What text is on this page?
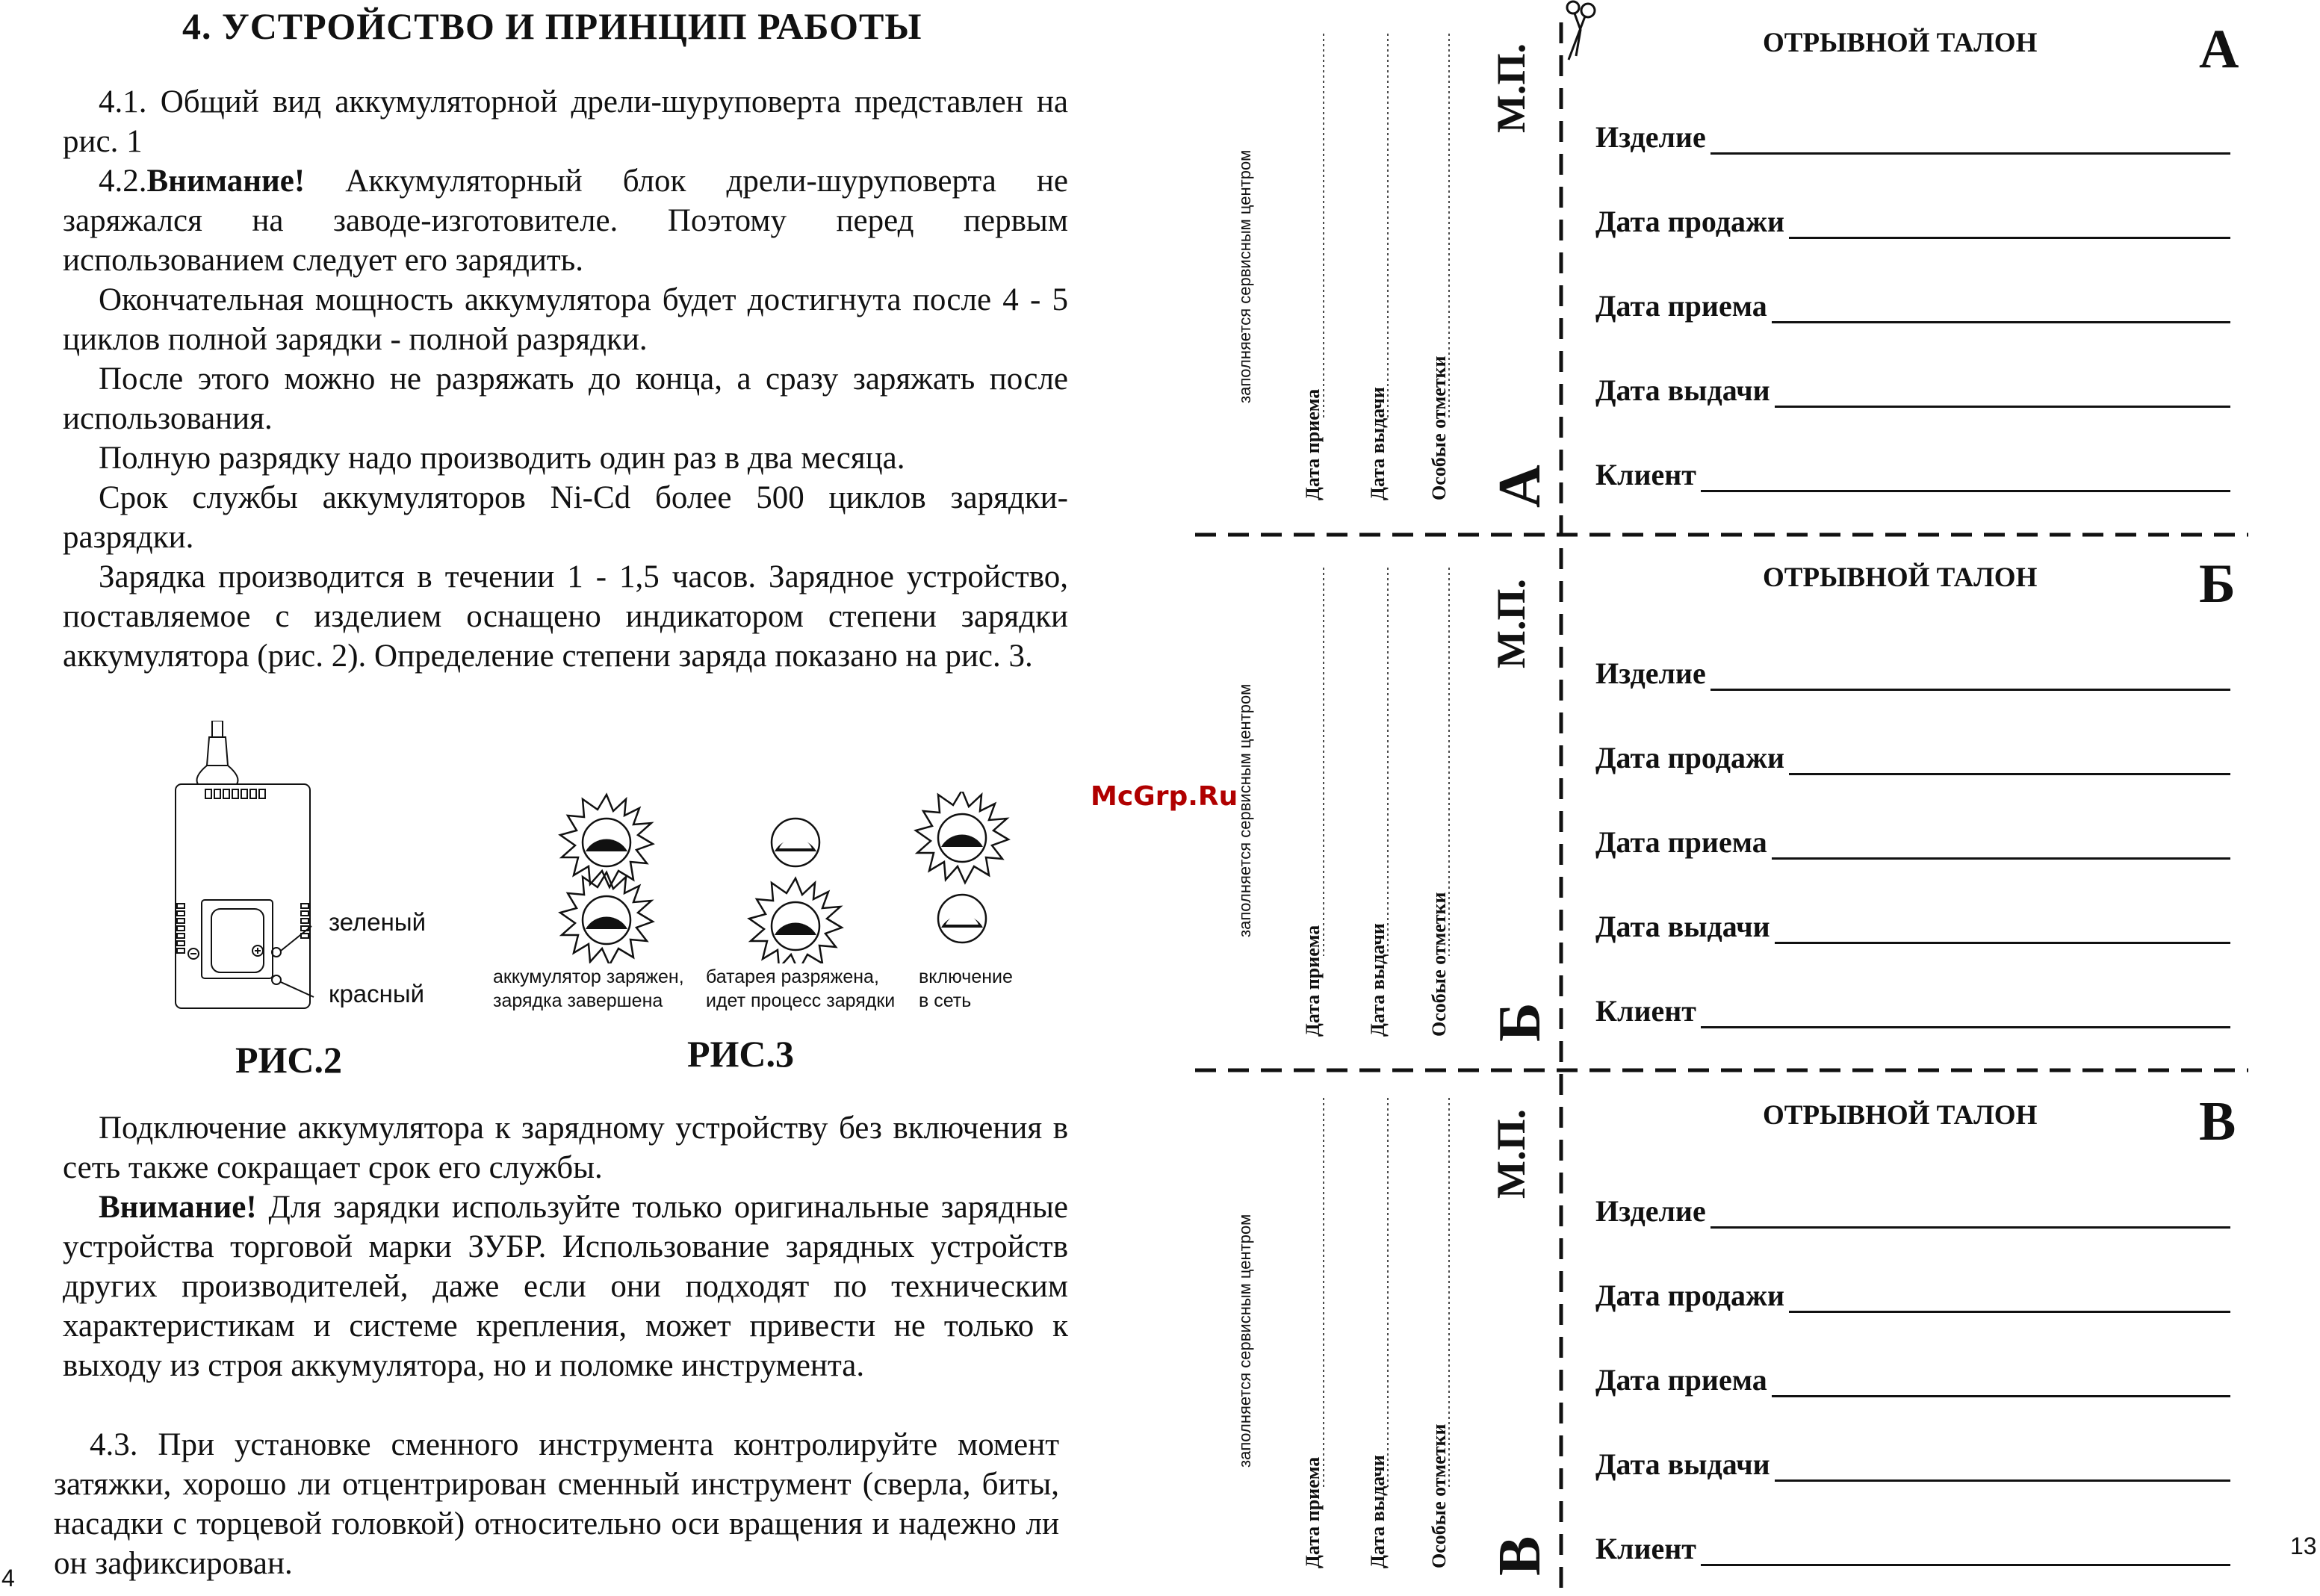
4. УСТРОЙСТВО И ПРИНЦИП РАБОТЫ
4.1. Общий вид аккумуляторной дрели-шуруповерта представлен на рис. 1
4.2.Внимание! Аккумуляторный блок дрели-шуруповерта не заряжался на заводе-изготовителе. Поэтому перед первым использованием следует его зарядить.
Окончательная мощность аккумулятора будет достигнута после 4 - 5 циклов полной зарядки - полной разрядки.
После этого можно не разряжать до конца, а сразу заряжать после использования.
Полную разрядку надо производить один раз в два месяца.
Срок службы аккумуляторов Ni-Cd более 500 циклов зарядки-разрядки.
Зарядка производится в течении 1 - 1,5 часов. Зарядное устройство, поставляемое с изделием оснащено индикатором степени зарядки аккумулятора (рис. 2). Определение степени заряда показано на рис. 3.
зеленый
красный
РИС.2
аккумулятор заряжен,
зарядка завершена
батарея разряжена,
идет процесс зарядки
включение
в сеть
РИС.3
Подключение аккумулятора к зарядному устройству без включения в сеть также сокращает срок его службы.
Внимание! Для зарядки используйте только оригинальные зарядные устройства торговой марки ЗУБР. Использование зарядных устройств других производителей, даже если они подходят по техническим характеристикам и системе крепления, может привести не только к выходу из строя аккумулятора, но и поломке инструмента.
4.3. При установке сменного инструмента контролируйте момент затяжки, хорошо ли отцентрирован сменный инструмент (сверла, биты, насадки с торцевой головкой) относительно оси вращения и надежно ли он зафиксирован.
4
McGrp.Ru
заполняется сервисным центром
Дата приема Дата выдачи Особые отметки
М.П.
А
ОТРЫВНОЙ ТАЛОН	А
Изделие
Дата продажи
Дата приема
Дата выдачи
Клиент
заполняется сервисным центром
Дата приема Дата выдачи Особые отметки
М.П.
Б
ОТРЫВНОЙ ТАЛОН	Б
Изделие
Дата продажи
Дата приема
Дата выдачи
Клиент
заполняется сервисным центром
Дата приема Дата выдачи Особые отметки
М.П.
В
ОТРЫВНОЙ ТАЛОН	В
Изделие
Дата продажи
Дата приема
Дата выдачи
Клиент	13
